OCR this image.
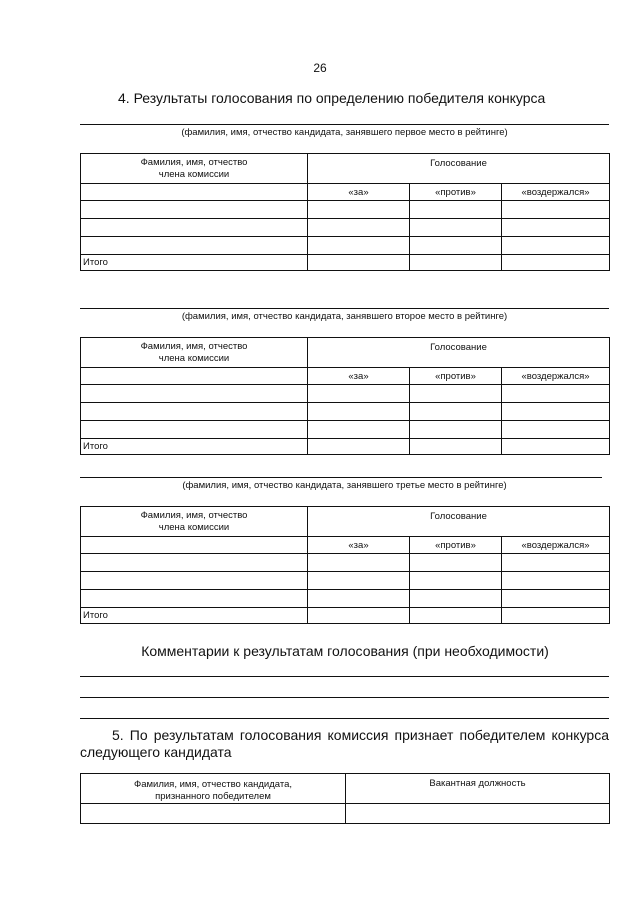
26
4. Результаты голосования по определению победителя конкурса
(фамилия, имя, отчество кандидата, занявшего первое место в рейтинге)
Фамилия, имя, отчество
члена комиссии	Голосование		
	«за»	«против»	«воздержался»

Итого			
(фамилия, имя, отчество кандидата, занявшего второе место в рейтинге)
Фамилия, имя, отчество
члена комиссии	Голосование		
	«за»	«против»	«воздержался»

Итого			
(фамилия, имя, отчество кандидата, занявшего третье место в рейтинге)
Фамилия, имя, отчество
члена комиссии	Голосование		
	«за»	«против»	«воздержался»

Итого			
Комментарии к результатам голосования (при необходимости)
5. По результатам голосования комиссия признает победителем конкурса следующего кандидата
Фамилия, имя, отчество кандидата,
признанного победителем	Вакантная должность
